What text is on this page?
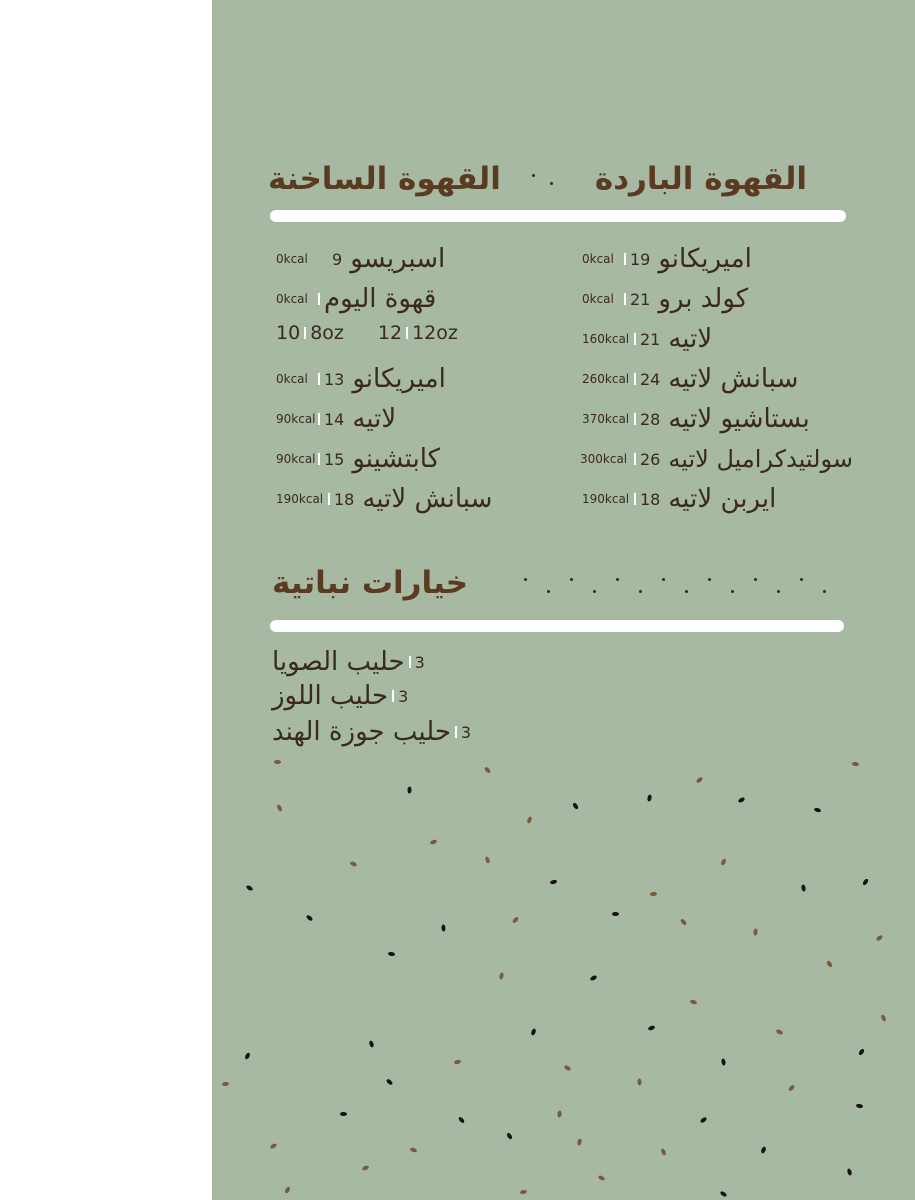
القهوة الباردة
القهوة الساخنة
0kcal	9 اسبريسو
0kcal قهوة اليوم
10 8oz 12 12oz
0kcal	13 اميريكانو
90kcal 14 لاتيه
90kcal 15 كابتشينو
190kcal 18 سبانش لاتيه
0kcal	19 اميريكانو
0kcal	21 كولد برو
160kcal 21 لاتيه
260kcal 24 سبانش لاتيه
370kcal 28 بستاشيو لاتيه
300kcal 26 سولتيدكراميل لاتيه
190kcal 18 ايربن لاتيه
خيارات نباتية
حليب الصويا 3
حليب اللوز 3
حليب جوزة الهند 3
